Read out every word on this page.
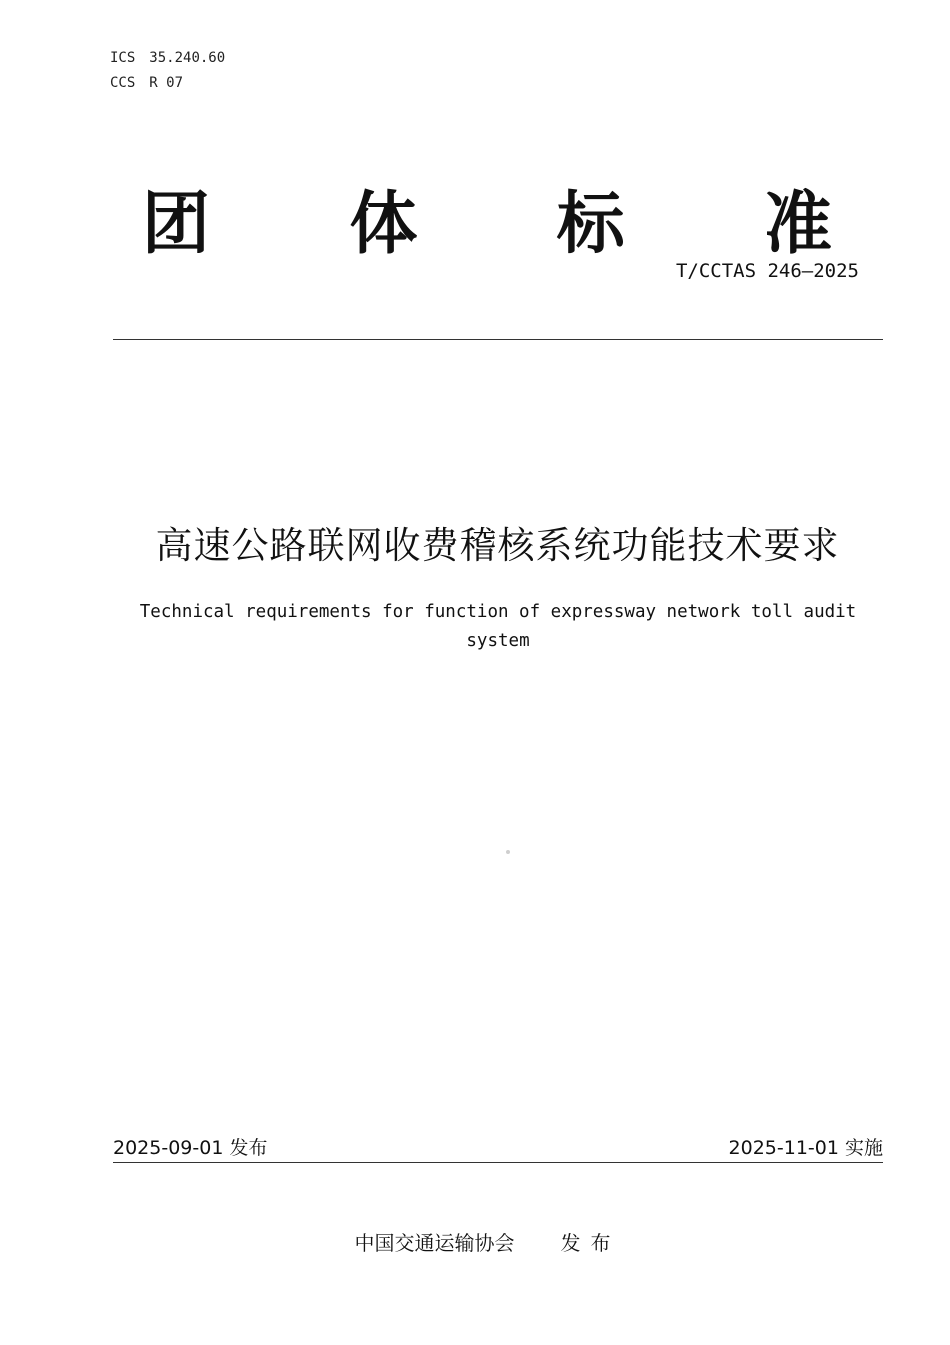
ICS 35.240.60
CCS R 07
团 体 标 准
T/CCTAS 246—2025
高速公路联网收费稽核系统功能技术要求
Technical requirements for function of expressway network toll audit
system
2025-09-01 发布	2025-11-01 实施
中国交通运输协会 发布
